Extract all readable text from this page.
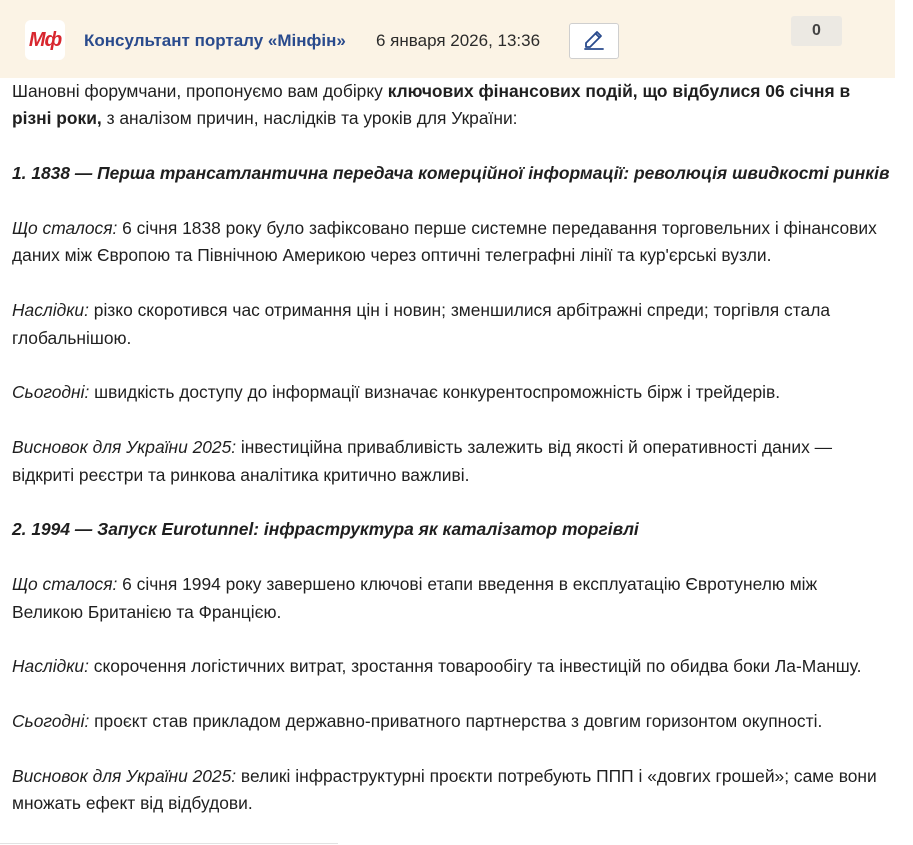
Мф Консультант порталу «Мінфін» 6 января 2026, 13:36
0

Шановні форумчани, пропонуємо вам добірку ключових фінансових подій, що відбулися 06 січня в різні роки, з аналізом причин, наслідків та уроків для України:

1. 1838 — Перша трансатлантична передача комерційної інформації: революція швидкості ринків

Що сталося: 6 січня 1838 року було зафіксовано перше системне передавання торговельних і фінансових даних між Європою та Північною Америкою через оптичні телеграфні лінії та кур'єрські вузли.

Наслідки: різко скоротився час отримання цін і новин; зменшилися арбітражні спреди; торгівля стала глобальнішою.

Сьогодні: швидкість доступу до інформації визначає конкурентоспроможність бірж і трейдерів.

Висновок для України 2025: інвестиційна привабливість залежить від якості й оперативності даних — відкриті реєстри та ринкова аналітика критично важливі.

2. 1994 — Запуск Eurotunnel: інфраструктура як каталізатор торгівлі

Що сталося: 6 січня 1994 року завершено ключові етапи введення в експлуатацію Євротунелю між Великою Британією та Францією.

Наслідки: скорочення логістичних витрат, зростання товарообігу та інвестицій по обидва боки Ла-Маншу.

Сьогодні: проєкт став прикладом державно-приватного партнерства з довгим горизонтом окупності.

Висновок для України 2025: великі інфраструктурні проєкти потребують ППП і «довгих грошей»; саме вони множать ефект від відбудови.
